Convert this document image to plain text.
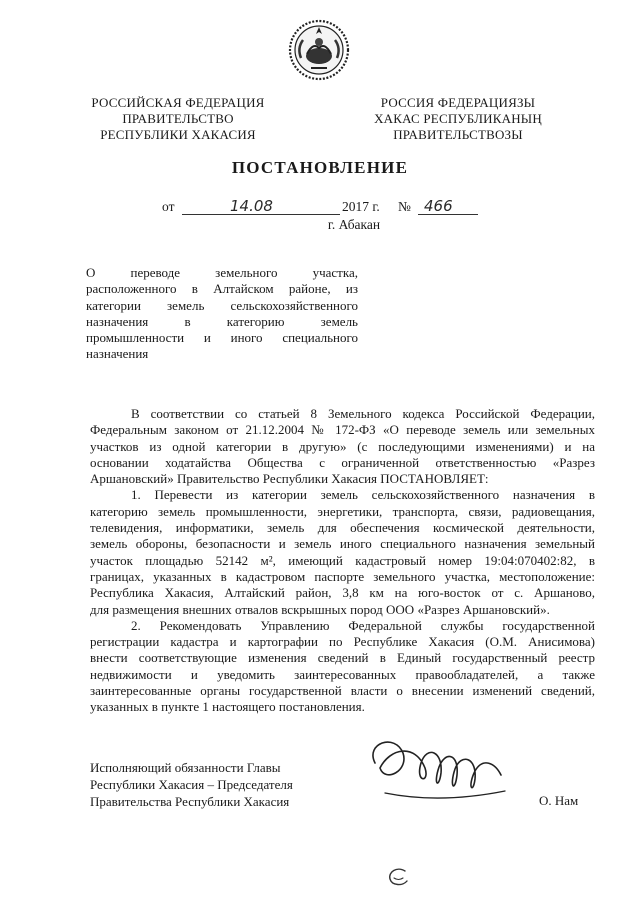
РОССИЙСКАЯ ФЕДЕРАЦИЯ
ПРАВИТЕЛЬСТВО
РЕСПУБЛИКИ ХАКАСИЯ
РОССИЯ ФЕДЕРАЦИЯЗЫ
ХАКАС РЕСПУБЛИКАНЫҢ
ПРАВИТЕЛЬСТВОЗЫ
ПОСТАНОВЛЕНИЕ
от	14.08	2017 г. № 466
г. Абакан
О переводе земельного участка,
расположенного в Алтайском районе, из
категории земель сельскохозяйственного
назначения в категорию земель
промышленности и иного специального
назначения
В соответствии со статьей 8 Земельного кодекса Российской Федерации,
Федеральным законом от 21.12.2004 № 172-ФЗ «О переводе земель или земельных
участков из одной категории в другую» (с последующими изменениями) и на
основании ходатайства Общества с ограниченной ответственностью «Разрез
Аршановский» Правительство Республики Хакасия ПОСТАНОВЛЯЕТ:
1. Перевести из категории земель сельскохозяйственного назначения в
категорию земель промышленности, энергетики, транспорта, связи, радиовещания,
телевидения, информатики, земель для обеспечения космической деятельности,
земель обороны, безопасности и земель иного специального назначения земельный
участок площадью 52142 м², имеющий кадастровый номер 19:04:070402:82, в
границах, указанных в кадастровом паспорте земельного участка, местоположение:
Республика Хакасия, Алтайский район, 3,8 км на юго-восток от с. Аршаново,
для размещения внешних отвалов вскрышных пород ООО «Разрез Аршановский».
2. Рекомендовать Управлению Федеральной службы государственной
регистрации кадастра и картографии по Республике Хакасия (О.М. Анисимова)
внести соответствующие изменения сведений в Единый государственный реестр
недвижимости и уведомить заинтересованных правообладателей, а также
заинтересованные органы государственной власти о внесении изменений сведений,
указанных в пункте 1 настоящего постановления.
Исполняющий обязанности Главы
Республики Хакасия – Председателя
Правительства Республики Хакасия	О. Нам
